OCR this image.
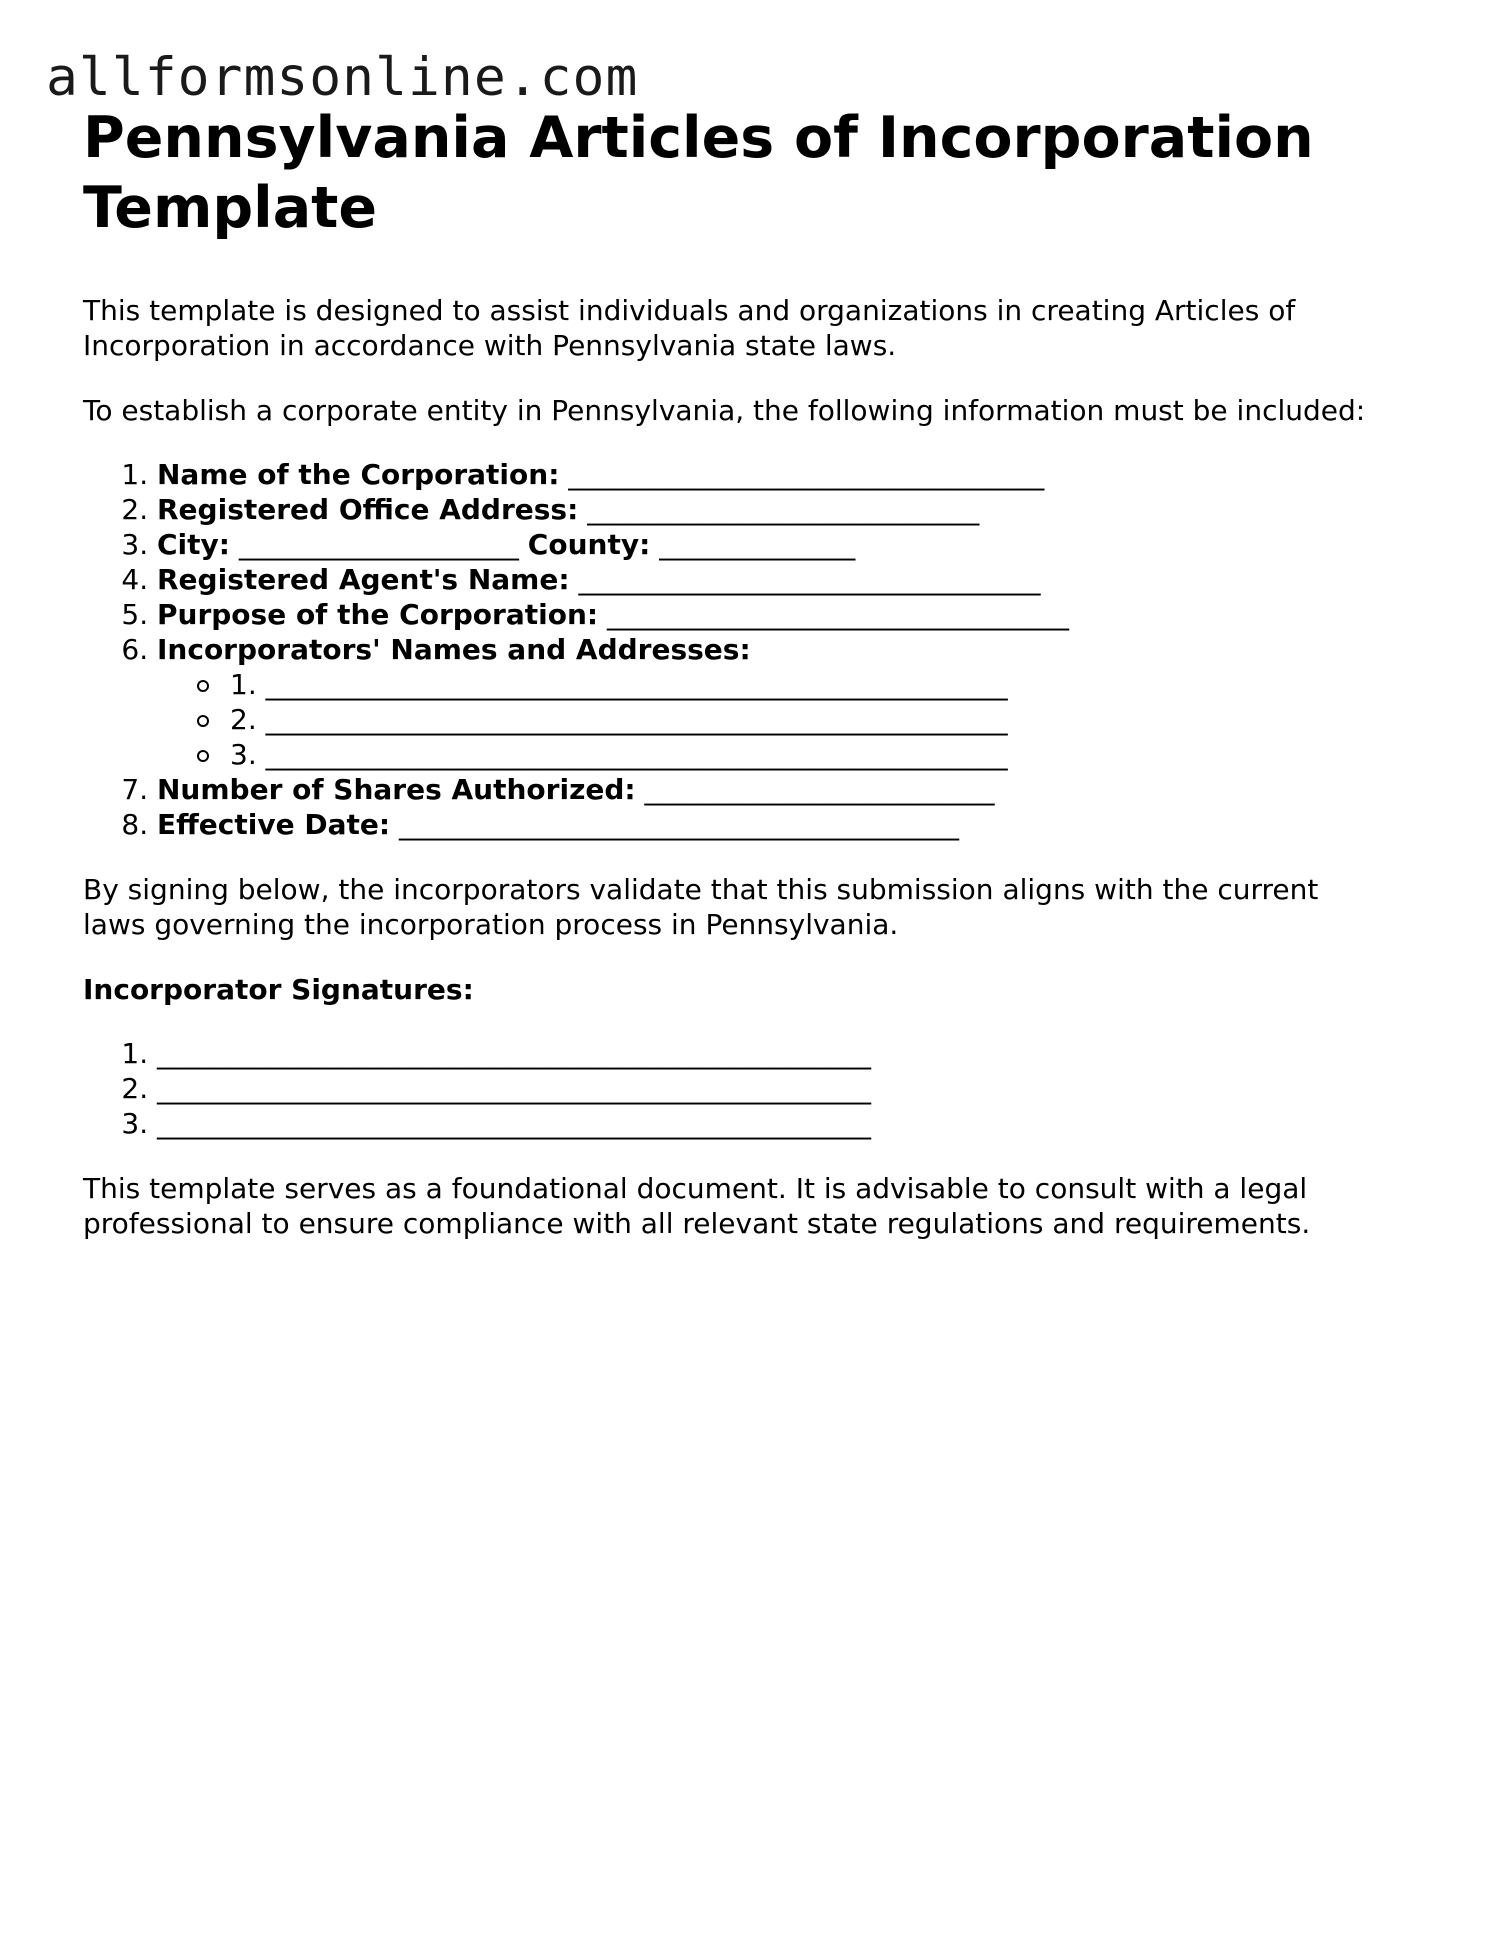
allformsonline.com
Pennsylvania Articles of Incorporation
Template

This template is designed to assist individuals and organizations in creating Articles of
Incorporation in accordance with Pennsylvania state laws.

To establish a corporate entity in Pennsylvania, the following information must be included:

1. Name of the Corporation: __________________________________
2. Registered Office Address: ____________________________
3. City: ____________________ County: ______________
4. Registered Agent's Name: _________________________________
5. Purpose of the Corporation: _________________________________
6. Incorporators' Names and Addresses:
1. _____________________________________________________
2. _____________________________________________________
3. _____________________________________________________
7. Number of Shares Authorized: _________________________
8. Effective Date: ________________________________________

By signing below, the incorporators validate that this submission aligns with the current
laws governing the incorporation process in Pennsylvania.

Incorporator Signatures:

1. ___________________________________________________
2. ___________________________________________________
3. ___________________________________________________

This template serves as a foundational document. It is advisable to consult with a legal
professional to ensure compliance with all relevant state regulations and requirements.
